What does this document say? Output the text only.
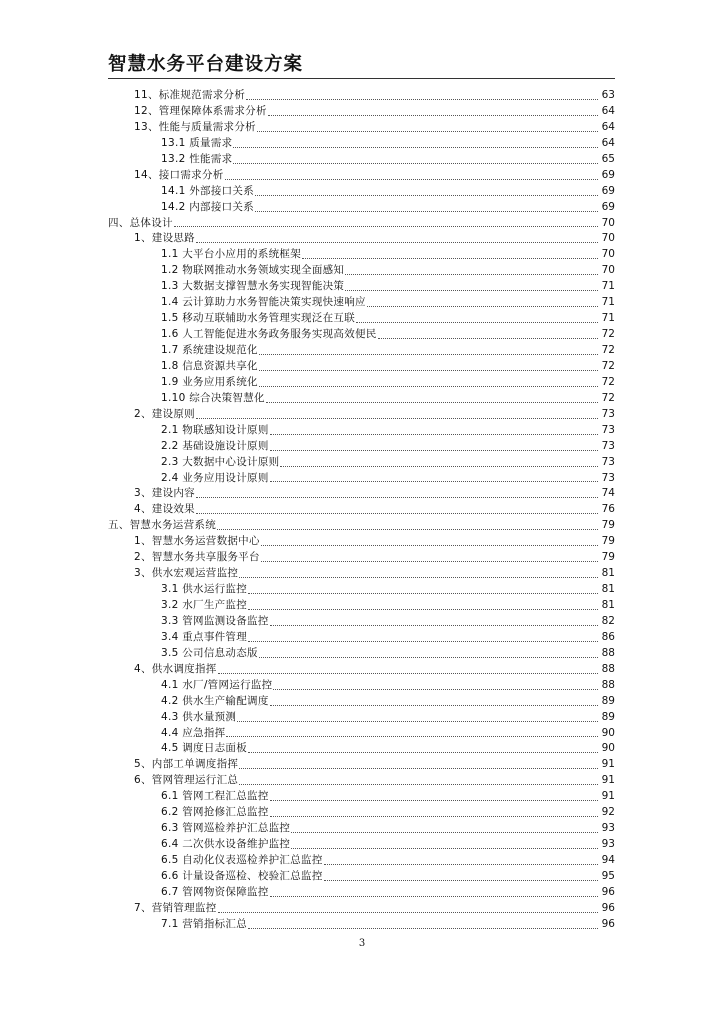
智慧水务平台建设方案
11、标准规范需求分析	63
12、管理保障体系需求分析	64
13、性能与质量需求分析	64
13.1 质量需求	64
13.2 性能需求	65
14、接口需求分析	69
14.1 外部接口关系	69
14.2 内部接口关系	69
四、总体设计	70
1、建设思路	70
1.1 大平台小应用的系统框架	70
1.2 物联网推动水务领域实现全面感知	70
1.3 大数据支撑智慧水务实现智能决策	71
1.4 云计算助力水务智能决策实现快速响应	71
1.5 移动互联辅助水务管理实现泛在互联	71
1.6 人工智能促进水务政务服务实现高效便民	72
1.7 系统建设规范化	72
1.8 信息资源共享化	72
1.9 业务应用系统化	72
1.10 综合决策智慧化	72
2、建设原则	73
2.1 物联感知设计原则	73
2.2 基础设施设计原则	73
2.3 大数据中心设计原则	73
2.4 业务应用设计原则	73
3、建设内容	74
4、建设效果	76
五、智慧水务运营系统	79
1、智慧水务运营数据中心	79
2、智慧水务共享服务平台	79
3、供水宏观运营监控	81
3.1 供水运行监控	81
3.2 水厂生产监控	81
3.3 管网监测设备监控	82
3.4 重点事件管理	86
3.5 公司信息动态版	88
4、供水调度指挥	88
4.1 水厂/管网运行监控	88
4.2 供水生产输配调度	89
4.3 供水量预测	89
4.4 应急指挥	90
4.5 调度日志面板	90
5、内部工单调度指挥	91
6、管网管理运行汇总	91
6.1 管网工程汇总监控	91
6.2 管网抢修汇总监控	92
6.3 管网巡检养护汇总监控	93
6.4 二次供水设备维护监控	93
6.5 自动化仪表巡检养护汇总监控	94
6.6 计量设备巡检、校验汇总监控	95
6.7 管网物资保障监控	96
7、营销管理监控	96
7.1 营销指标汇总	96
3
